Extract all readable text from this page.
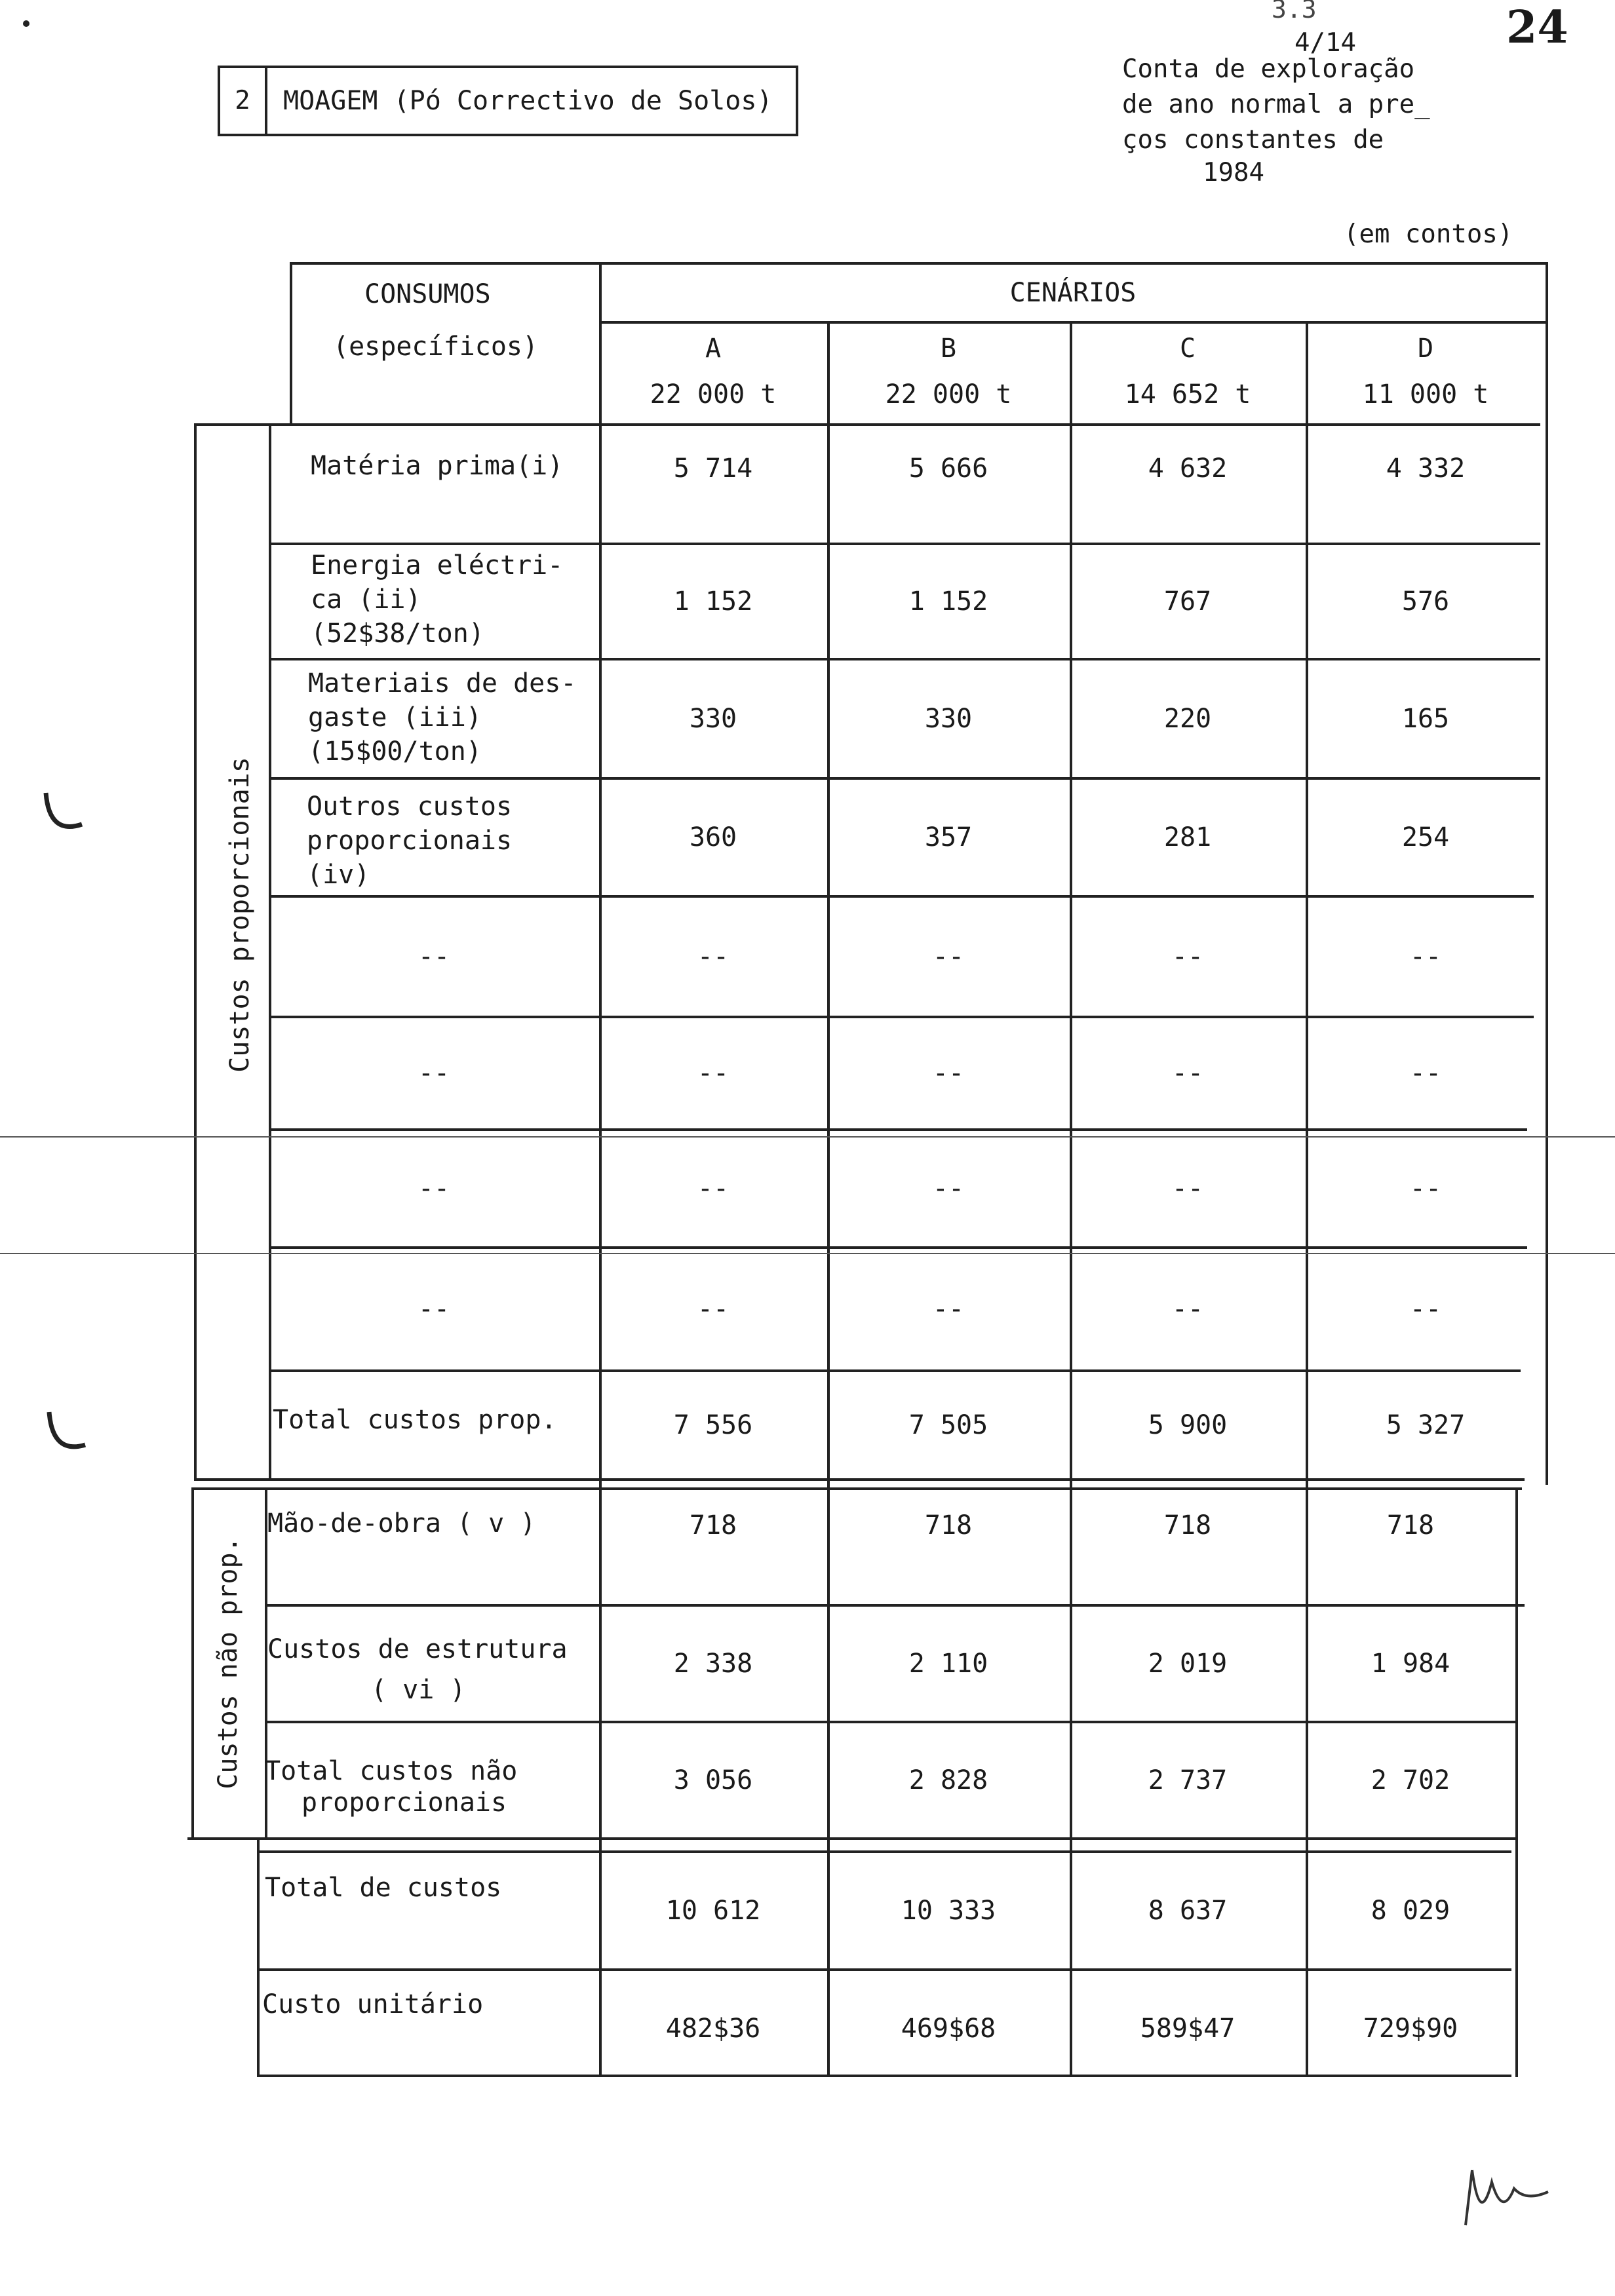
3.3
4/14	24
2	MOAGEM (Pó Correctivo de Solos)
Conta de exploração
de ano normal a pre_
ços constantes de
1984
(em contos)
CONSUMOS
(específicos)
CENÁRIOS
A
22 000 t
B
22 000 t
C
14 652 t
D
11 000 t
Custos proporcionais
Custos não prop.
Matéria prima(i)	5 714	5 666	4 632	4 332
Energia eléctri-
ca (ii)
(52$38/ton)
1 152	1 152	767	576
Materiais de des-
gaste (iii)
(15$00/ton)
330	330	220	165
Outros custos
proporcionais
(iv)
360	357	281	254
--	--	--	--	--
--	--	--	--	--
--	--	--	--	--
--	--	--	--	--
Total custos prop.	7 556	7 505	5 900	5 327
Mão-de-obra ( v )	718	718	718	718
Custos de estrutura
( vi )
2 338	2 110	2 019	1 984
Total custos não
proporcionais
3 056	2 828	2 737	2 702
Total de custos
10 612	10 333	8 637	8 029
Custo unitário
482$36	469$68	589$47	729$90
